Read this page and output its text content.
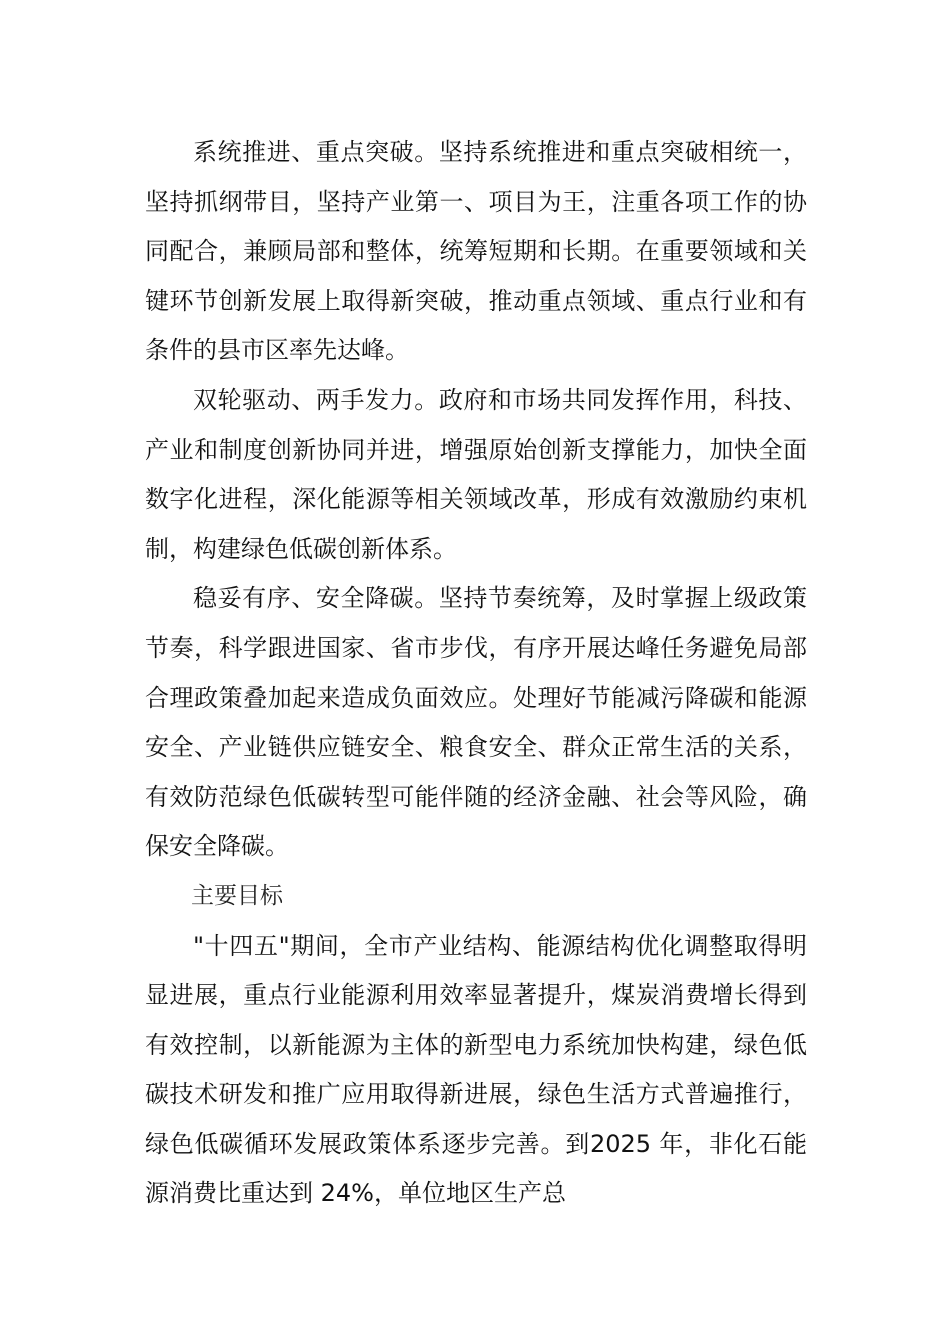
系统推进、重点突破。坚持系统推进和重点突破相统一，坚持抓纲带目，坚持产业第一、项目为王，注重各项工作的协同配合，兼顾局部和整体，统筹短期和长期。在重要领域和关键环节创新发展上取得新突破，推动重点领域、重点行业和有条件的县市区率先达峰。

双轮驱动、两手发力。政府和市场共同发挥作用，科技、产业和制度创新协同并进，增强原始创新支撑能力，加快全面数字化进程，深化能源等相关领域改革，形成有效激励约束机制，构建绿色低碳创新体系。

稳妥有序、安全降碳。坚持节奏统筹，及时掌握上级政策节奏，科学跟进国家、省市步伐，有序开展达峰任务避免局部合理政策叠加起来造成负面效应。处理好节能减污降碳和能源安全、产业链供应链安全、粮食安全、群众正常生活的关系，有效防范绿色低碳转型可能伴随的经济金融、社会等风险，确保安全降碳。

主要目标

"十四五"期间，全市产业结构、能源结构优化调整取得明显进展，重点行业能源利用效率显著提升，煤炭消费增长得到有效控制，以新能源为主体的新型电力系统加快构建，绿色低碳技术研发和推广应用取得新进展，绿色生活方式普遍推行，绿色低碳循环发展政策体系逐步完善。到2025 年，非化石能源消费比重达到 24%，单位地区生产总
